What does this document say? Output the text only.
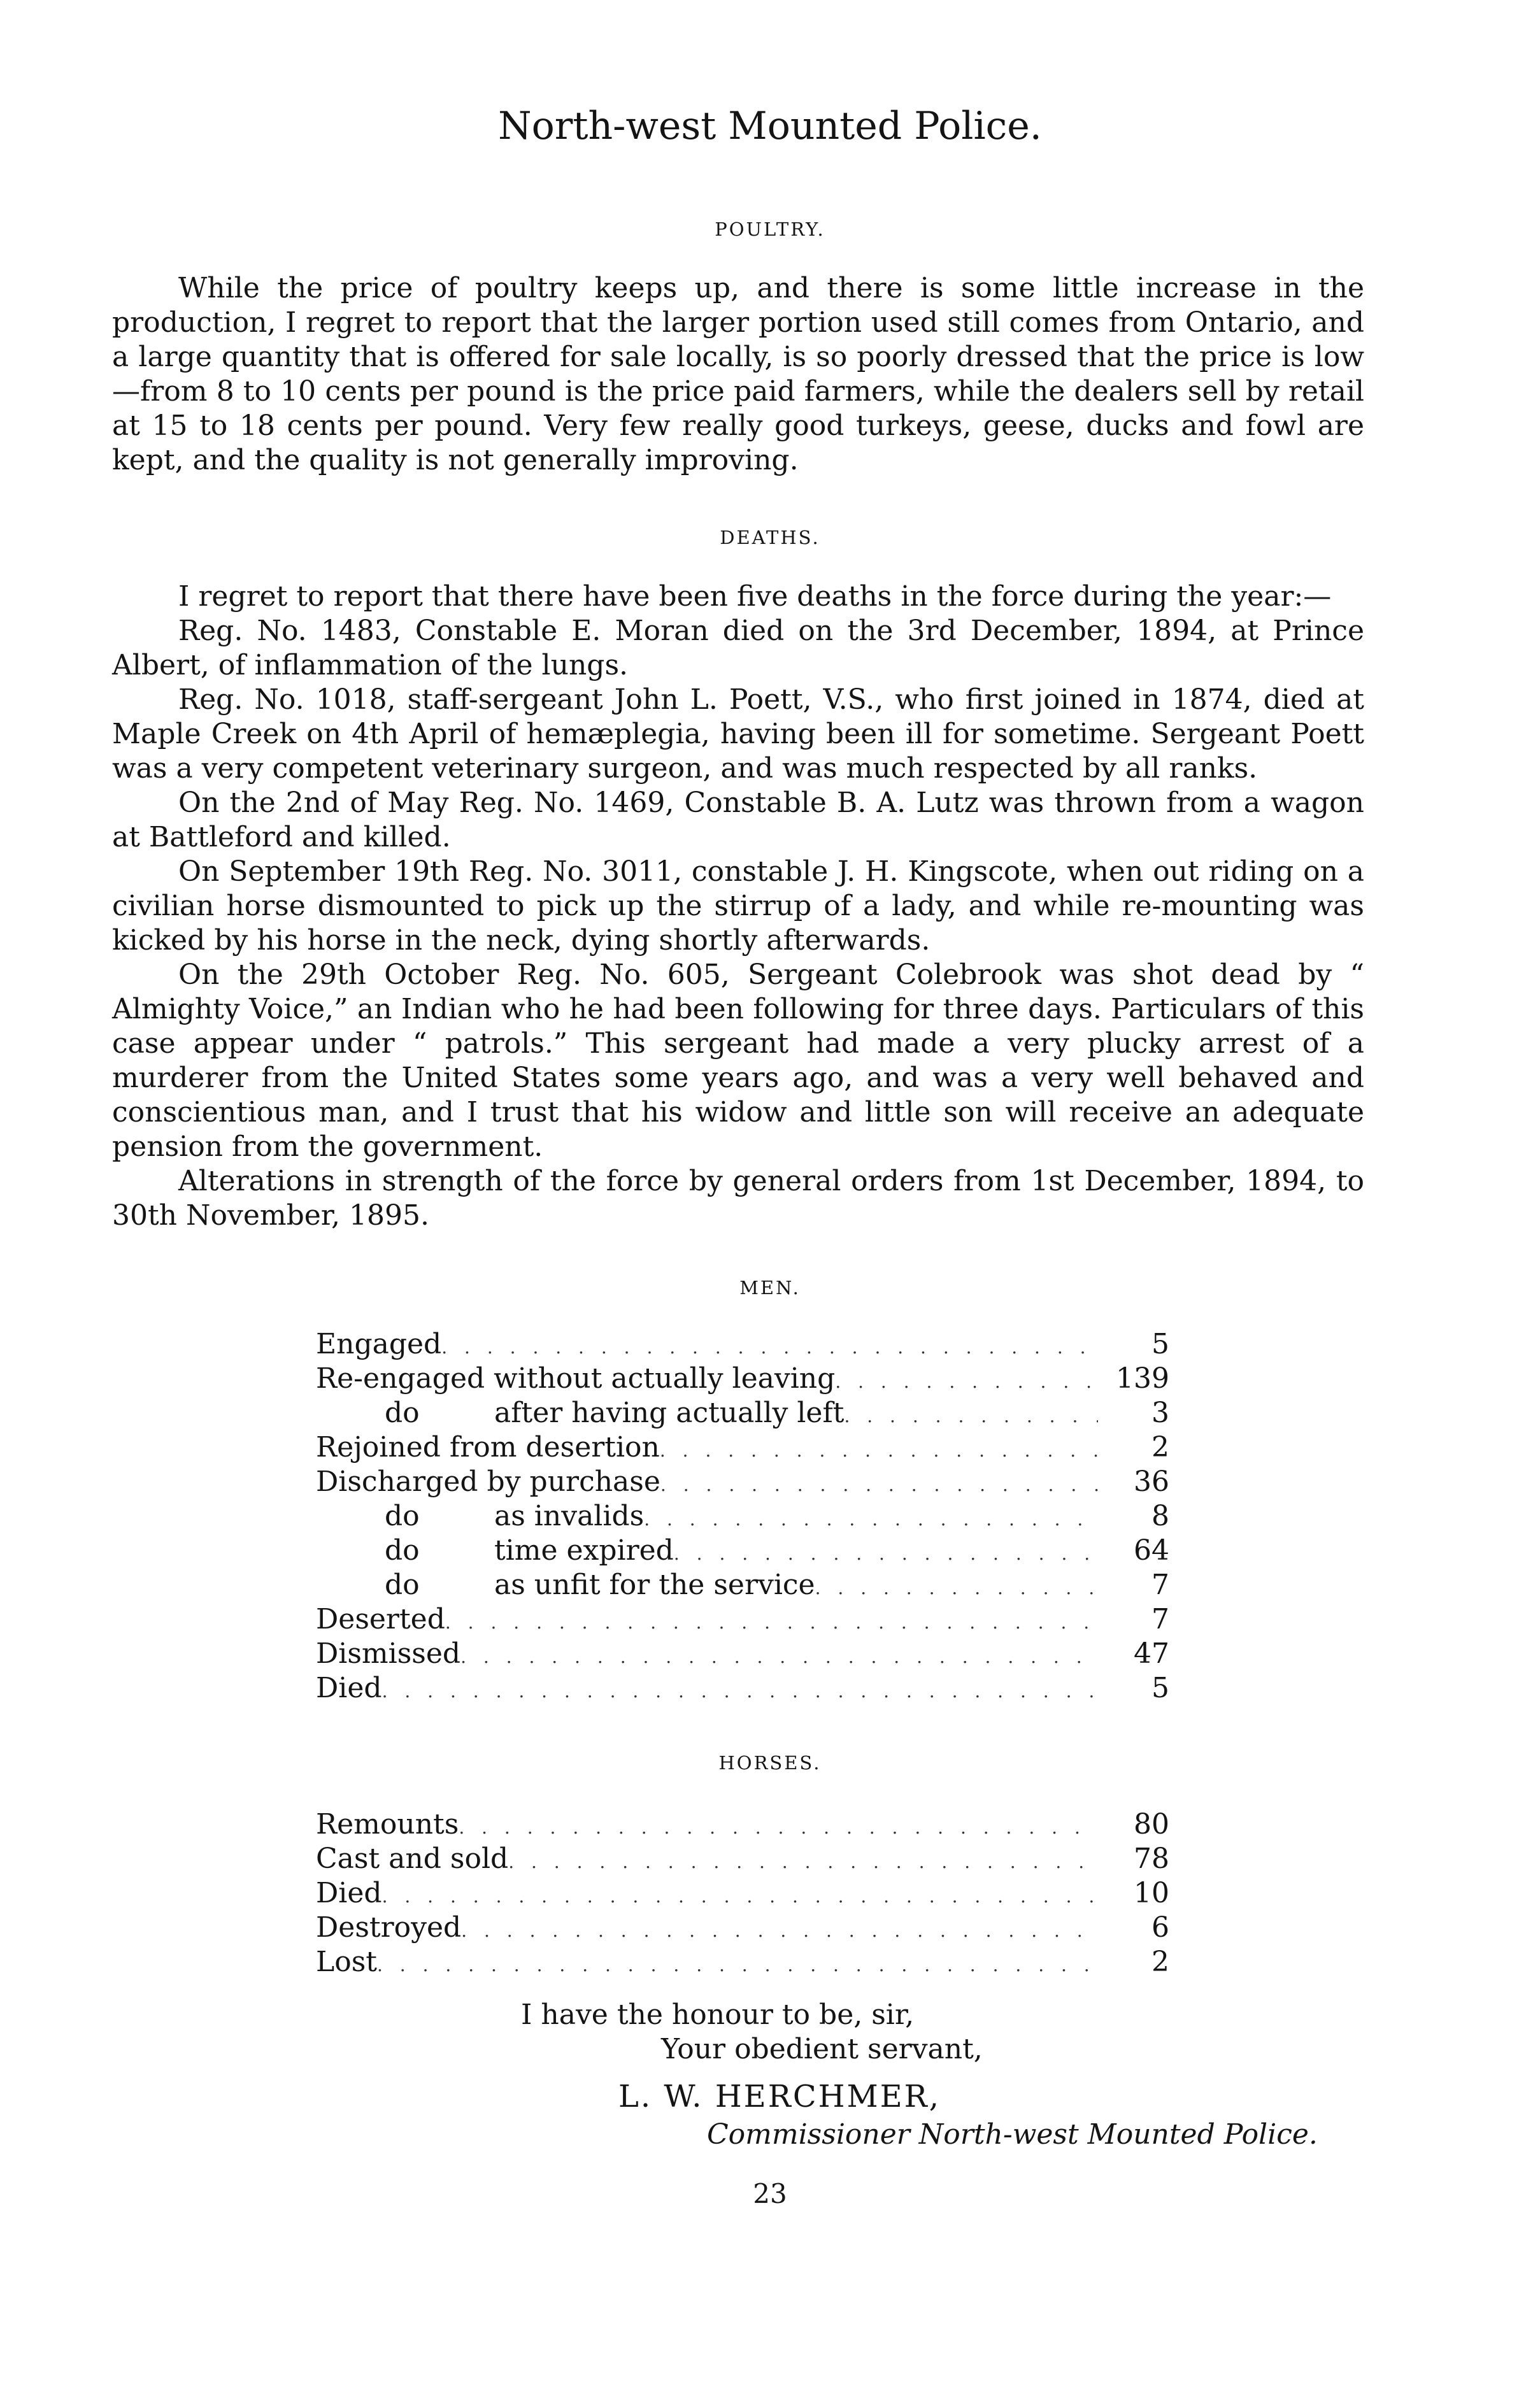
North-west Mounted Police.
POULTRY.

While the price of poultry keeps up, and there is some little increase in the production, I regret to report that the larger portion used still comes from Ontario, and a large quantity that is offered for sale locally, is so poorly dressed that the price is low—from 8 to 10 cents per pound is the price paid farmers, while the dealers sell by retail at 15 to 18 cents per pound. Very few really good turkeys, geese, ducks and fowl are kept, and the quality is not generally improving.

DEATHS.

I regret to report that there have been five deaths in the force during the year:—

Reg. No. 1483, Constable E. Moran died on the 3rd December, 1894, at Prince Albert, of inflammation of the lungs.

Reg. No. 1018, staff-sergeant John L. Poett, V.S., who first joined in 1874, died at Maple Creek on 4th April of hemæplegia, having been ill for sometime. Sergeant Poett was a very competent veterinary surgeon, and was much respected by all ranks.

On the 2nd of May Reg. No. 1469, Constable B. A. Lutz was thrown from a wagon at Battleford and killed.

On September 19th Reg. No. 3011, constable J. H. Kingscote, when out riding on a civilian horse dismounted to pick up the stirrup of a lady, and while re-mounting was kicked by his horse in the neck, dying shortly afterwards.

On the 29th October Reg. No. 605, Sergeant Colebrook was shot dead by “ Almighty Voice,” an Indian who he had been following for three days. Particulars of this case appear under “ patrols.” This sergeant had made a very plucky arrest of a murderer from the United States some years ago, and was a very well behaved and conscientious man, and I trust that his widow and little son will receive an adequate pension from the government.

Alterations in strength of the force by general orders from 1st December, 1894, to 30th November, 1895.

MEN.
Engaged . . .	5
Re-engaged without actually leaving . . .	139
do	after having actually left . . .	3
Rejoined from desertion . . .	2
Discharged by purchase . . .	36
do	as invalids . . .	8
do	time expired . . .	64
do	as unfit for the service . . .	7
Deserted . . .	7
Dismissed . . .	47
Died . . .	5
HORSES.
Remounts . . .	80
Cast and sold . . .	78
Died . . .	10
Destroyed . . .	6
Lost . . .	2
I have the honour to be, sir,
Your obedient servant,
L. W. HERCHMER,
Commissioner North-west Mounted Police.
23
